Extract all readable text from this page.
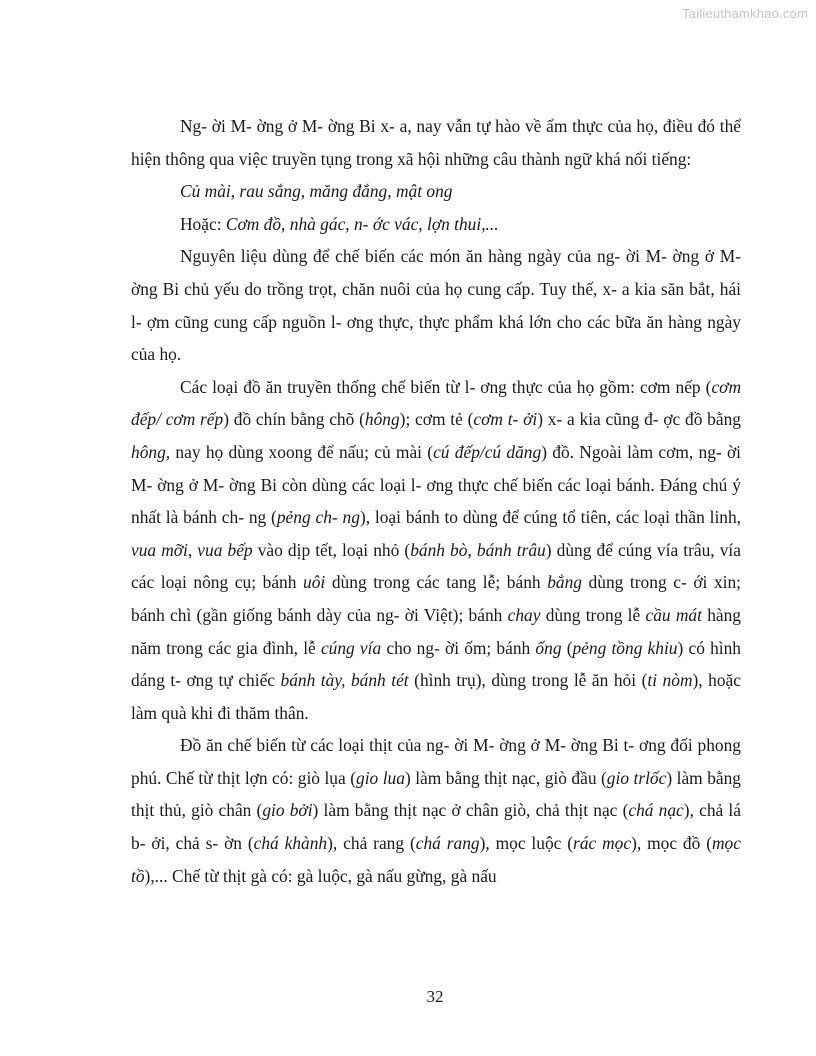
Tailieuthamkhao.com

Ng- ời M- ờng ở M- ờng Bi x- a, nay vẫn tự hào về ẩm thực của họ, điều đó thể hiện thông qua việc truyền tụng trong xã hội những câu thành ngữ khá nổi tiếng:

Củ mài, rau sắng, măng đắng, mật ong

Hoặc: Cơm đồ, nhà gác, n- ớc vác, lợn thui,...

Nguyên liệu dùng để chế biến các món ăn hàng ngày của ng- ời M- ờng ở M- ờng Bi chủ yếu do trồng trọt, chăn nuôi của họ cung cấp. Tuy thế, x- a kia săn bắt, hái l- ợm cũng cung cấp nguồn l- ơng thực, thực phẩm khá lớn cho các bữa ăn hàng ngày của họ.

Các loại đồ ăn truyền thống chế biến từ l- ơng thực của họ gồm: cơm nếp (cơm đếp/ cơm rếp) đồ chín bằng chõ (hông); cơm tẻ (cơm t- ởi) x- a kia cũng đ- ợc đồ bằng hông, nay họ dùng xoong để nấu; củ mài (cú đếp/cú dăng) đồ. Ngoài làm cơm, ng- ời M- ờng ở M- ờng Bi còn dùng các loại l- ơng thực chế biến các loại bánh. Đáng chú ý nhất là bánh ch- ng (pẻng ch- ng), loại bánh to dùng để cúng tổ tiên, các loại thần linh, vua mỡi, vua bếp vào dịp tết, loại nhỏ (bánh bò, bánh trâu) dùng để cúng vía trâu, vía các loại nông cụ; bánh uôi dùng trong các tang lễ; bánh bẳng dùng trong c- ới xin; bánh chì (gần giống bánh dày của ng- ời Việt); bánh chay dùng trong lễ cầu mát hàng năm trong các gia đình, lễ cúng vía cho ng- ời ốm; bánh ống (pẻng tồng khiu) có hình dáng t- ơng tự chiếc bánh tày, bánh tét (hình trụ), dùng trong lễ ăn hỏi (ti nòm), hoặc làm quà khi đi thăm thân.

Đồ ăn chế biến từ các loại thịt của ng- ời M- ờng ở M- ờng Bi t- ơng đối phong phú. Chế từ thịt lợn có: giò lụa (gio lua) làm bằng thịt nạc, giò đầu (gio trlốc) làm bằng thịt thủ, giò chân (gio bởi) làm bằng thịt nạc ở chân giò, chả thịt nạc (chá nạc), chả lá b- ởi, chả s- ờn (chá khành), chả rang (chá rang), mọc luộc (rác mọc), mọc đồ (mọc tồ),... Chế từ thịt gà có: gà luộc, gà nấu gừng, gà nấu

32
